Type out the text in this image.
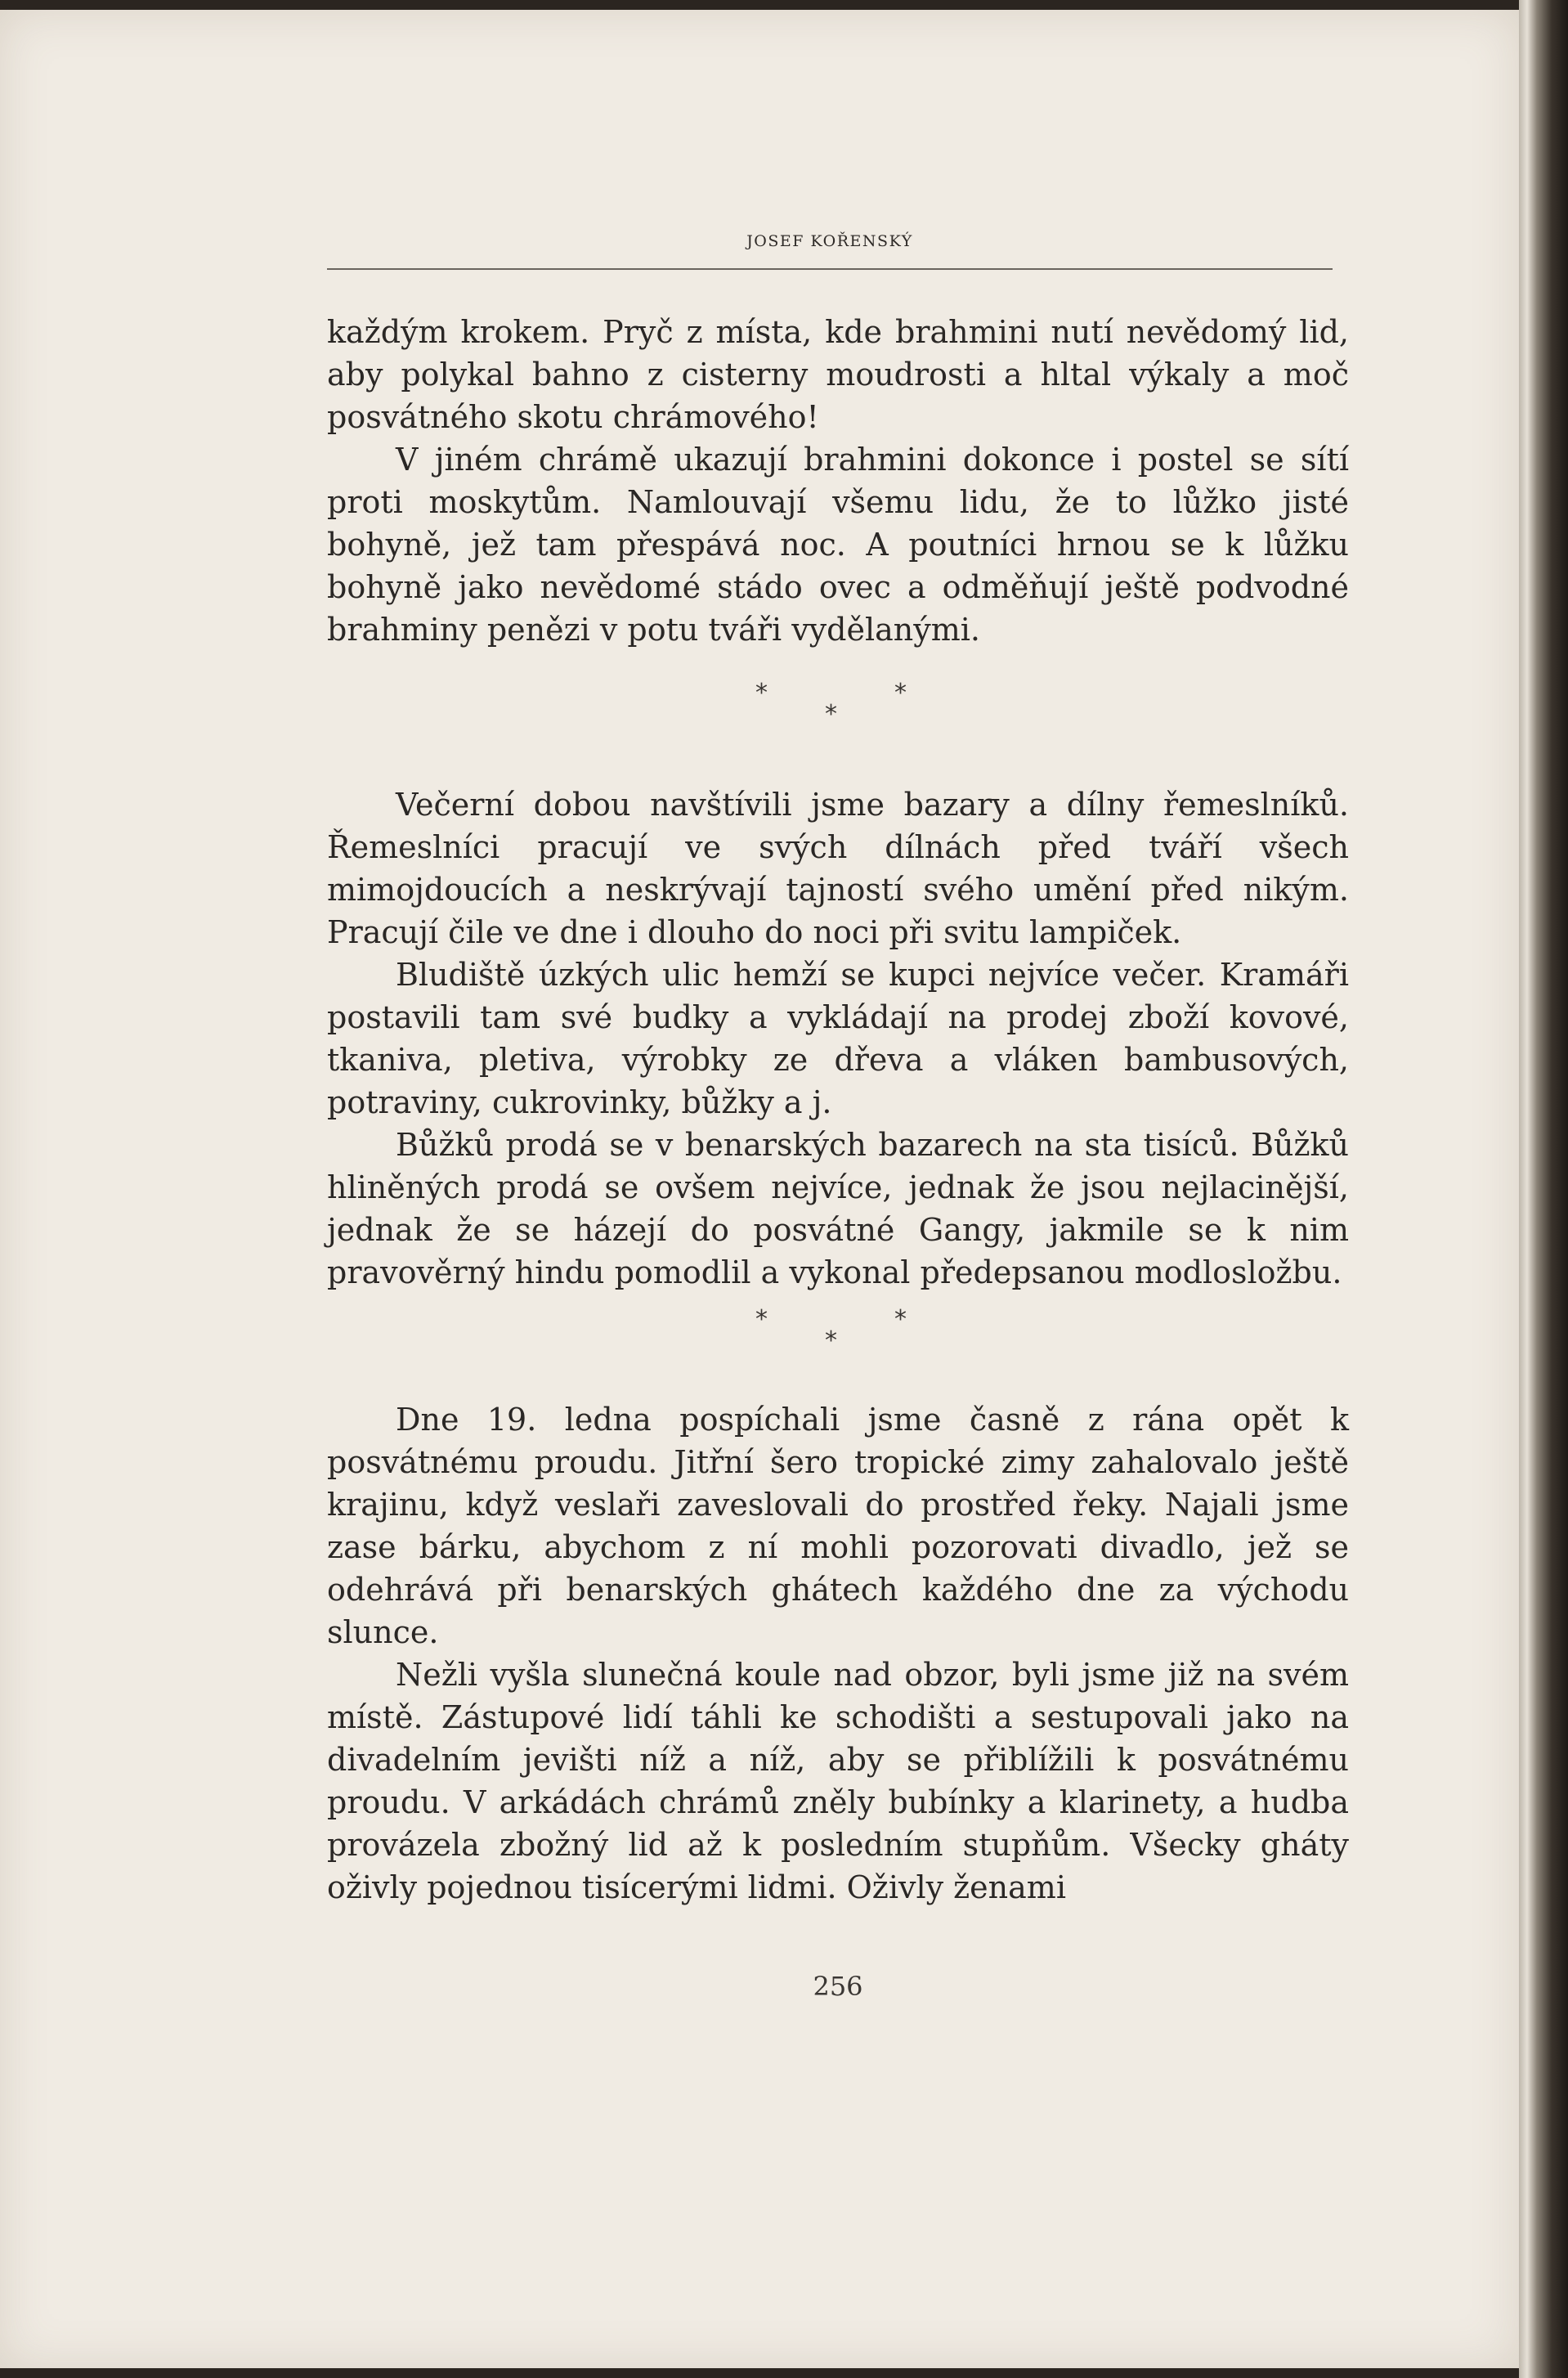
JOSEF KOŘENSKÝ

každým krokem. Pryč z místa, kde brahmini nutí nevědomý lid, aby polykal bahno z cisterny moudrosti a hltal výkaly a moč posvátného skotu chrámového!

V jiném chrámě ukazují brahmini dokonce i postel se sítí proti moskytům. Namlouvají všemu lidu, že to lůžko jisté bohyně, jež tam přespává noc. A poutníci hrnou se k lůžku bohyně jako nevědomé stádo ovec a odměňují ještě podvodné brahminy penězi v potu tváři vydělanými.

*
*
*

Večerní dobou navštívili jsme bazary a dílny řemeslníků. Řemeslníci pracují ve svých dílnách před tváří všech mimojdoucích a neskrývají tajností svého umění před nikým. Pracují čile ve dne i dlouho do noci při svitu lampiček.

Bludiště úzkých ulic hemží se kupci nejvíce večer. Kramáři postavili tam své budky a vykládají na prodej zboží kovové, tkaniva, pletiva, výrobky ze dřeva a vláken bambusových, potraviny, cukrovinky, bůžky a j.

Bůžků prodá se v benarských bazarech na sta tisíců. Bůžků hliněných prodá se ovšem nejvíce, jednak že jsou nejlacinější, jednak že se házejí do posvátné Gangy, jakmile se k nim pravověrný hindu pomodlil a vykonal předepsanou modlosložbu.

*
*
*

Dne 19. ledna pospíchali jsme časně z rána opět k posvátnému proudu. Jitřní šero tropické zimy zahalovalo ještě krajinu, když veslaři zaveslovali do prostřed řeky. Najali jsme zase bárku, abychom z ní mohli pozorovati divadlo, jež se odehrává při benarských ghátech každého dne za východu slunce.

Nežli vyšla slunečná koule nad obzor, byli jsme již na svém místě. Zástupové lidí táhli ke schodišti a sestupovali jako na divadelním jevišti níž a níž, aby se přiblížili k posvátnému proudu. V arkádách chrámů zněly bubínky a klarinety, a hudba provázela zbožný lid až k posledním stupňům. Všecky gháty oživly pojednou tisícerými lidmi. Oživly ženami

256
